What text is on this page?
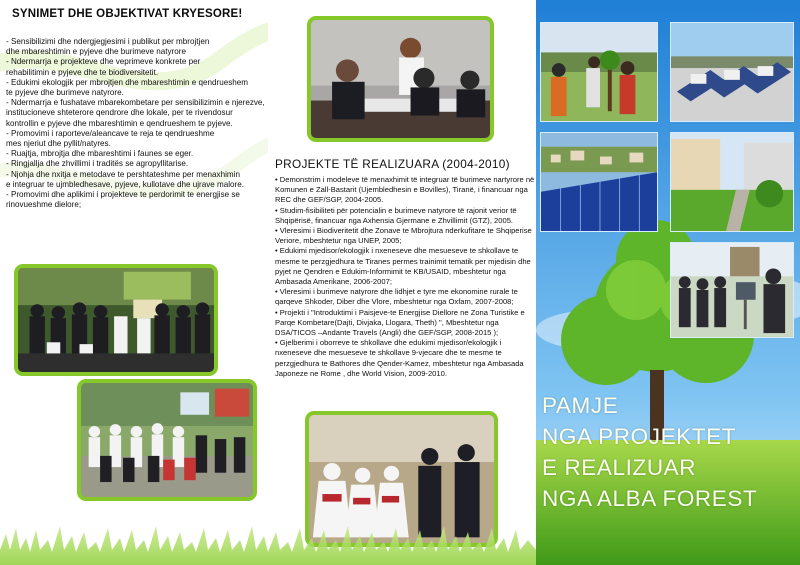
SYNIMET DHE OBJEKTIVAT KRYESORE!
- Sensibilizimi dhe ndergjegjesimi i publikut per mbrojtjen
dhe mbareshtimin e pyjeve dhe burimeve natyrore
- Ndermarrja e projekteve dhe veprimeve konkrete per
rehabilitimin e pyjeve dhe te biodiversitetit.
- Edukimi ekologjik per mbrojtjen dhe mbareshtimin e qendrueshem
te pyjeve dhe burimeve natyrore.
- Ndermarrja e fushatave mbarekombetare per sensibilizimin e njerezve,
institucioneve shteterore qendrore dhe lokale, per te rivendosur
kontrollin e pyjeve dhe mbareshtimin e qendrueshem te pyjeve.
- Promovimi i raporteve/aleancave te reja te qendrueshme
mes njeriut dhe pyllit/natyres.
- Ruajtja, mbrojtja dhe mbareshtimi i faunes se eger.
- Ringjallja dhe zhvillimi i traditës se agropyllitarise.
- Njohja dhe nxitja e metodave te pershtateshme per menaxhimin
e integruar te ujmbledhesave, pyjeve, kullotave dhe ujrave malore.
- Promovimi dhe aplikimi i projekteve te perdorimit te energjise se
rinovueshme dielore;
PROJEKTE TË REALIZUARA (2004-2010)
• Demonstrim i modeleve të menaxhimit të integruar të burimeve nartyrore në
Komunen e Zall-Bastarit (Ujembledhesin e Bovilles), Tiranë, i financuar nga
REC dhe GEF/SGP, 2004-2005.
• Studim-fisibiliteti për potencialin e burimeve natyrore të rajonit verior të
Shqipërisë, financuar nga Axhensia Gjermane e Zhvillimit (GTZ), 2005.
• Vleresimi i Biodiveritetit dhe Zonave te Mbrojtura nderkufitare te Shqiperise
Veriore, mbeshtetur nga UNEP, 2005;
• Edukimi mjedisor/ekologjik i nxeneseve dhe mesueseve te shkollave te
mesme te perzgjedhura te Tiranes permes trainimit tematik per mjedisin dhe
pyjet ne Qendren e Edukim-Informimit te KB/USAID, mbeshtetur nga
Ambasada Amerikane, 2006-2007;
• Vleresimi i burimeve natyrore dhe lidhjet e tyre me ekonomine rurale te
qarqeve Shkoder, Diber dhe Vlore, mbeshtetur nga Oxfam, 2007-2008;
• Projekti i "Introduktimi i Paisjeve-te Energjise Diellore ne Zona Turistike e
Parqe Kombetare(Dajti, Divjaka, Llogara, Theth) ", Mbeshtetur nga
DSA/TICOS –Andante Travels (Angli) dhe GEF/SGP, 2008-2015 );
• Gjelberimi i oborreve te shkollave dhe edukimi mjedisor/ekologjik i
nxeneseve dhe mesueseve te shkollave 9-vjecare dhe te mesme te
perzgjedhura te Bathores dhe Qender-Kamez, mbeshtetur nga Ambasada
Japoneze ne Rome , dhe World Vision, 2009-2010.
PAMJE
NGA PROJEKTET
E REALIZUAR
NGA ALBA FOREST
